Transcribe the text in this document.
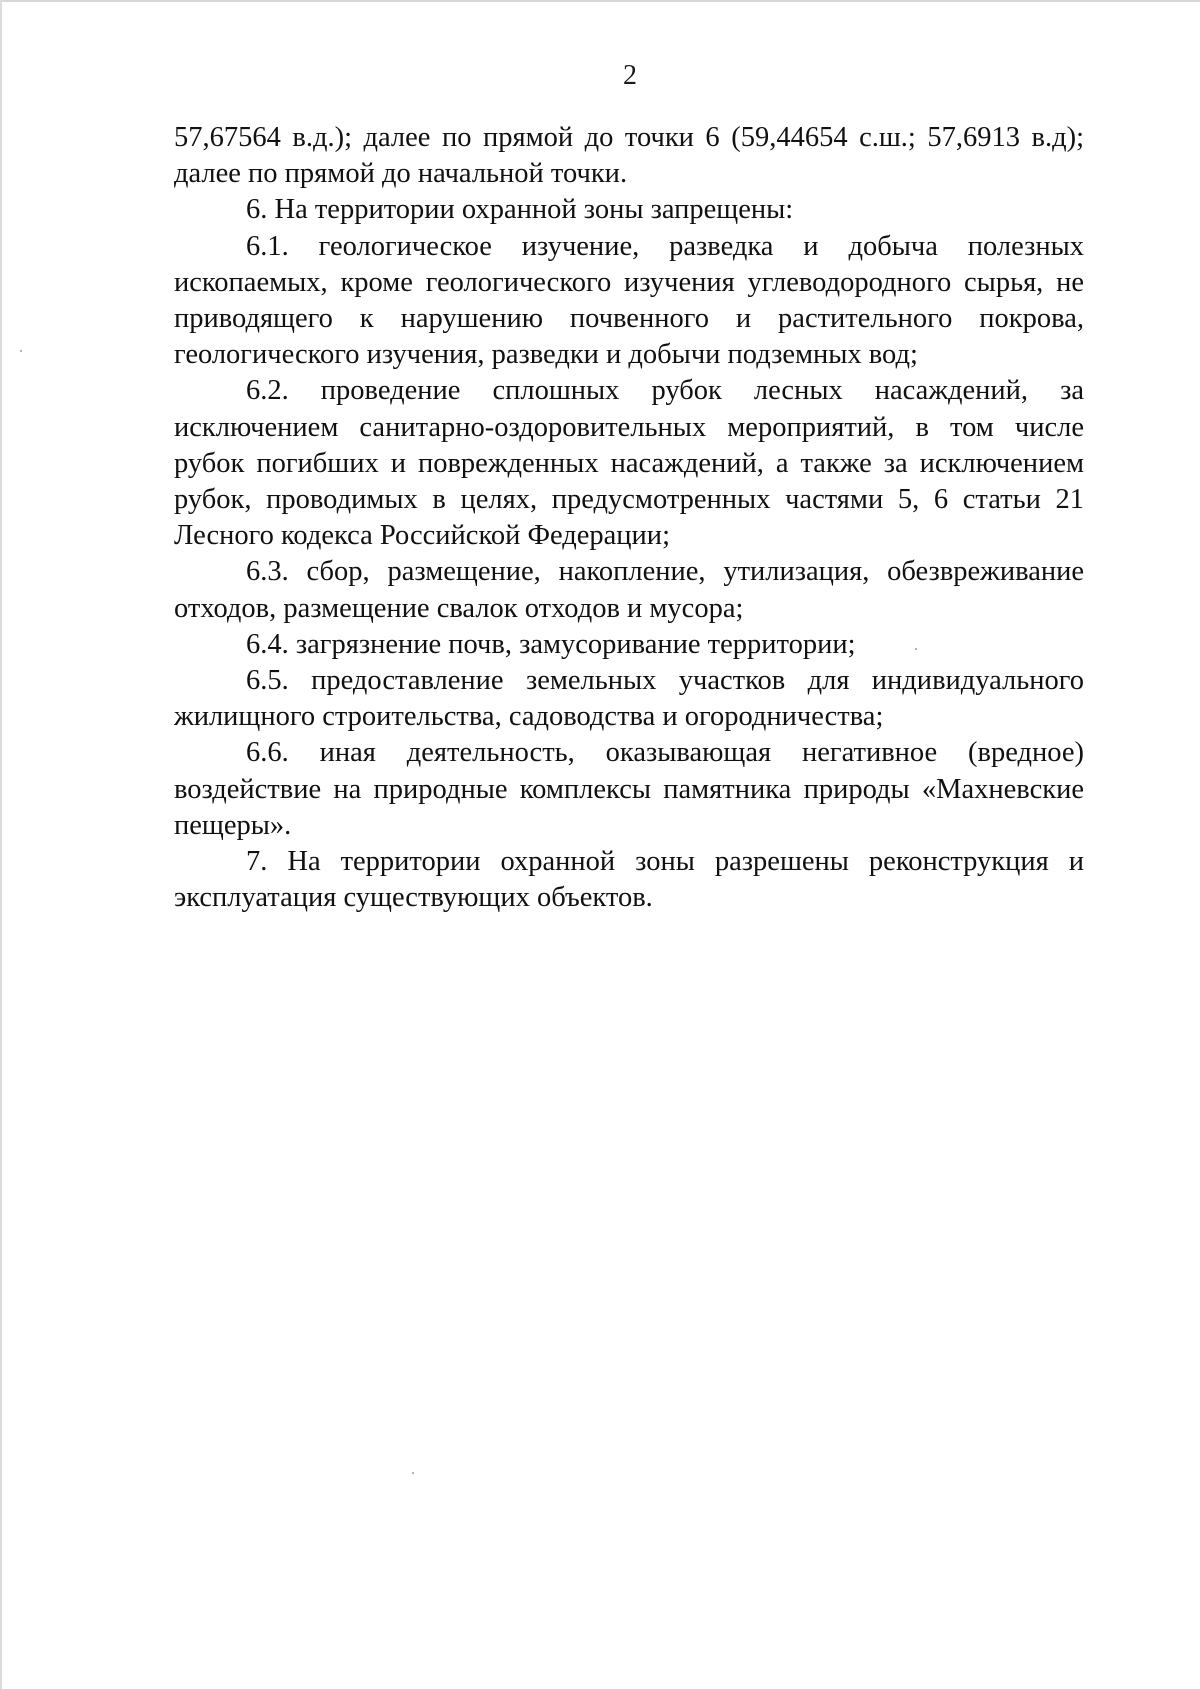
2

57,67564 в.д.); далее по прямой до точки 6 (59,44654 с.ш.; 57,6913 в.д); далее по прямой до начальной точки.

6. На территории охранной зоны запрещены:

6.1. геологическое изучение, разведка и добыча полезных ископаемых, кроме геологического изучения углеводородного сырья, не приводящего к нарушению почвенного и растительного покрова, геологического изучения, разведки и добычи подземных вод;

6.2. проведение сплошных рубок лесных насаждений, за исключением санитарно-оздоровительных мероприятий, в том числе рубок погибших и поврежденных насаждений, а также за исключением рубок, проводимых в целях, предусмотренных частями 5, 6 статьи 21 Лесного кодекса Российской Федерации;

6.3. сбор, размещение, накопление, утилизация, обезвреживание отходов, размещение свалок отходов и мусора;

6.4. загрязнение почв, замусоривание территории;

6.5. предоставление земельных участков для индивидуального жилищного строительства, садоводства и огородничества;

6.6. иная деятельность, оказывающая негативное (вредное) воздействие на природные комплексы памятника природы «Махневские пещеры».

7. На территории охранной зоны разрешены реконструкция и эксплуатация существующих объектов.
